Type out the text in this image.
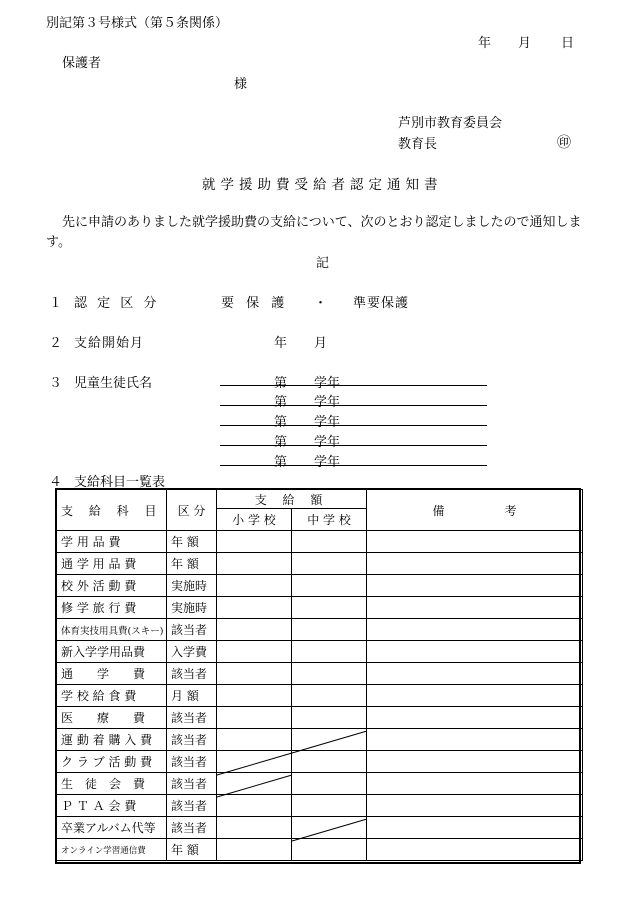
別記第３号様式（第５条関係）
年 月 日
保護者
様
芦別市教育委員会
教育長	㊞
就学援助費受給者認定通知書
先に申請のありました就学援助費の支給について、次のとおり認定しましたので通知しま
す。
記
１ 認 定 区 分	要 保 護 ・ 準要保護
２ 支給開始月	年 月
３ 児童生徒氏名	第 学年
第 学年
第 学年
第 学年
第 学年
４ 支給科目一覧表
支 給 科 目	区 分	支 給 額		備　　　　　考
		小 学 校	中 学 校	
学 用 品 費	年 額			
通 学 用 品 費	年 額			
校 外 活 動 費	実施時			
修 学 旅 行 費	実施時			
体育実技用具費(スキー)	該当者			
新入学学用品費	入学費			
通　　学　　費	該当者			
学 校 給 食 費	月 額			
医　　療　　費	該当者			
運 動 着 購 入 費	該当者			
ク ラ ブ 活 動 費	該当者			
生　徒　会　費	該当者			
Ｐ Ｔ Ａ 会 費	該当者			
卒業アルバム代等	該当者			
オンライン学習通信費	年 額			
